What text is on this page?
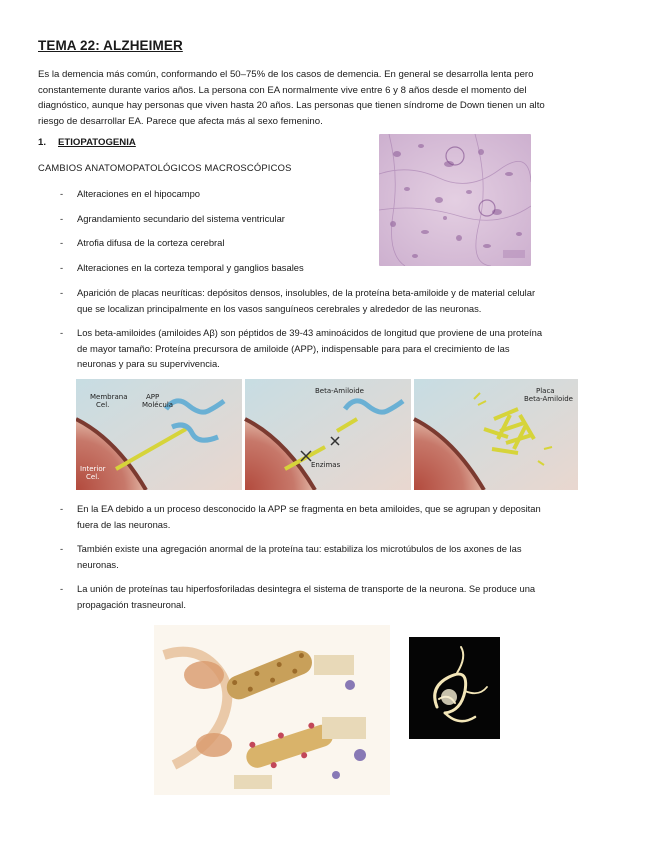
TEMA 22: ALZHEIMER
Es la demencia más común, conformando el 50–75% de los casos de demencia. En general se desarrolla lenta pero
constantemente durante varios años. La persona con EA normalmente vive entre 6 y 8 años desde el momento del
diagnóstico, aunque hay personas que viven hasta 20 años. Las personas que tienen síndrome de Down tienen un alto
riesgo de desarrollar EA. Parece que afecta más al sexo femenino.
1. ETIOPATOGENIA
CAMBIOS ANATOMOPATOLÓGICOS MACROSCÓPICOS
- Alteraciones en el hipocampo
- Agrandamiento secundario del sistema ventricular
- Atrofia difusa de la corteza cerebral
- Alteraciones en la corteza temporal y ganglios basales
- Aparición de placas neuríticas: depósitos densos, insolubles, de la proteína beta-amiloide y de material celular
que se localizan principalmente en los vasos sanguíneos cerebrales y alrededor de las neuronas.
- Los beta-amiloides (amiloides Aβ) son péptidos de 39-43 aminoácidos de longitud que proviene de una proteína
de mayor tamaño: Proteína precursora de amiloide (APP), indispensable para para el crecimiento de las
neuronas y para su supervivencia.
- En la EA debido a un proceso desconocido la APP se fragmenta en beta amiloides, que se agrupan y depositan
fuera de las neuronas.
- También existe una agregación anormal de la proteína tau: estabiliza los microtúbulos de los axones de las
neuronas.
- La unión de proteínas tau hiperfosforiladas desintegra el sistema de transporte de la neurona. Se produce una
propagación trasneuronal.
Membrana
Cel.
APP
Molécula
Interior
Cel.
Beta-Amiloide
Enzimas
Placa
Beta-Amiloide
